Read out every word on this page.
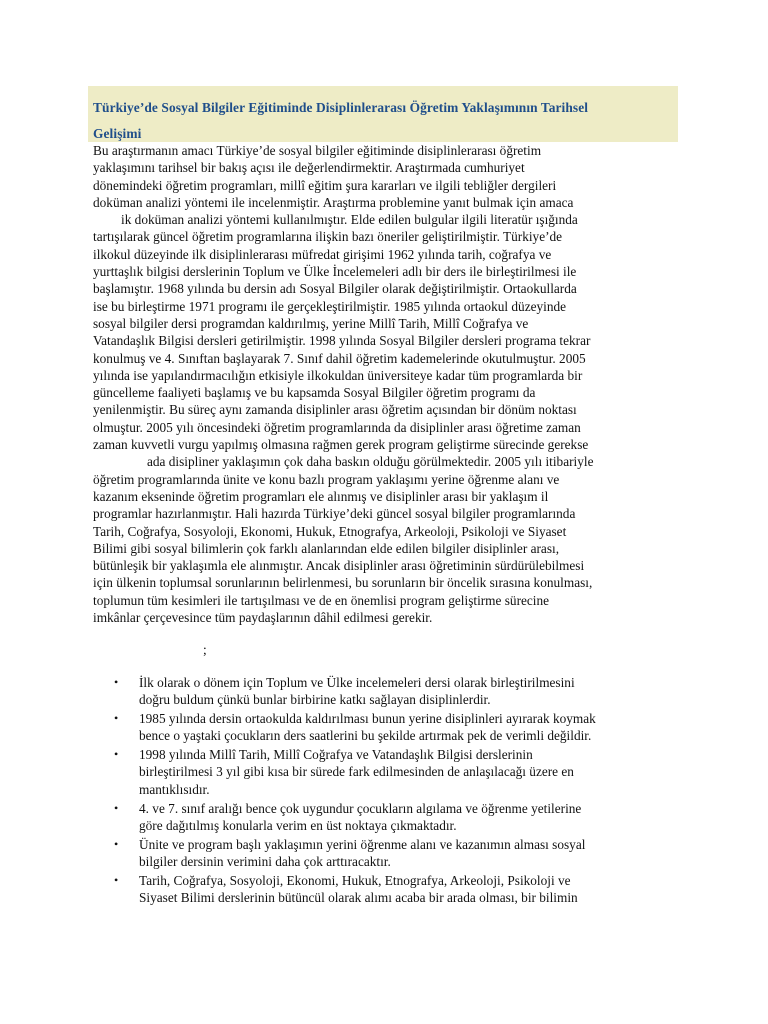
Türkiye’de Sosyal Bilgiler Eğitiminde Disiplinlerarası Öğretim Yaklaşımının Tarihsel
Gelişimi
Bu araştırmanın amacı Türkiye’de sosyal bilgiler eğitiminde disiplinlerarası öğretim
yaklaşımını tarihsel bir bakış açısı ile değerlendirmektir. Araştırmada cumhuriyet
dönemindeki öğretim programları, millî eğitim şura kararları ve ilgili tebliğler dergileri
doküman analizi yöntemi ile incelenmiştir. Araştırma problemine yanıt bulmak için amaca
ik doküman analizi yöntemi kullanılmıştır. Elde edilen bulgular ilgili literatür ışığında
tartışılarak güncel öğretim programlarına ilişkin bazı öneriler geliştirilmiştir. Türkiye’de
ilkokul düzeyinde ilk disiplinlerarası müfredat girişimi 1962 yılında tarih, coğrafya ve
yurttaşlık bilgisi derslerinin Toplum ve Ülke İncelemeleri adlı bir ders ile birleştirilmesi ile
başlamıştır. 1968 yılında bu dersin adı Sosyal Bilgiler olarak değiştirilmiştir. Ortaokullarda
ise bu birleştirme 1971 programı ile gerçekleştirilmiştir. 1985 yılında ortaokul düzeyinde
sosyal bilgiler dersi programdan kaldırılmış, yerine Millî Tarih, Millî Coğrafya ve
Vatandaşlık Bilgisi dersleri getirilmiştir. 1998 yılında Sosyal Bilgiler dersleri programa tekrar
konulmuş ve 4. Sınıftan başlayarak 7. Sınıf dahil öğretim kademelerinde okutulmuştur. 2005
yılında ise yapılandırmacılığın etkisiyle ilkokuldan üniversiteye kadar tüm programlarda bir
güncelleme faaliyeti başlamış ve bu kapsamda Sosyal Bilgiler öğretim programı da
yenilenmiştir. Bu süreç aynı zamanda disiplinler arası öğretim açısından bir dönüm noktası
olmuştur. 2005 yılı öncesindeki öğretim programlarında da disiplinler arası öğretime zaman
zaman kuvvetli vurgu yapılmış olmasına rağmen gerek program geliştirme sürecinde gerekse
ada disipliner yaklaşımın çok daha baskın olduğu görülmektedir. 2005 yılı itibariyle
öğretim programlarında ünite ve konu bazlı program yaklaşımı yerine öğrenme alanı ve
kazanım ekseninde öğretim programları ele alınmış ve disiplinler arası bir yaklaşım il
programlar hazırlanmıştır. Hali hazırda Türkiye’deki güncel sosyal bilgiler programlarında
Tarih, Coğrafya, Sosyoloji, Ekonomi, Hukuk, Etnografya, Arkeoloji, Psikoloji ve Siyaset
Bilimi gibi sosyal bilimlerin çok farklı alanlarından elde edilen bilgiler disiplinler arası,
bütünleşik bir yaklaşımla ele alınmıştır. Ancak disiplinler arası öğretiminin sürdürülebilmesi
için ülkenin toplumsal sorunlarının belirlenmesi, bu sorunların bir öncelik sırasına konulması,
toplumun tüm kesimleri ile tartışılması ve de en önemlisi program geliştirme sürecine
imkânlar çerçevesince tüm paydaşlarının dâhil edilmesi gerekir.
;
• İlk olarak o dönem için Toplum ve Ülke incelemeleri dersi olarak birleştirilmesini
doğru buldum çünkü bunlar birbirine katkı sağlayan disiplinlerdir.
• 1985 yılında dersin ortaokulda kaldırılması bunun yerine disiplinleri ayırarak koymak
bence o yaştaki çocukların ders saatlerini bu şekilde artırmak pek de verimli değildir.
• 1998 yılında Millî Tarih, Millî Coğrafya ve Vatandaşlık Bilgisi derslerinin
birleştirilmesi 3 yıl gibi kısa bir sürede fark edilmesinden de anlaşılacağı üzere en
mantıklısıdır.
• 4. ve 7. sınıf aralığı bence çok uygundur çocukların algılama ve öğrenme yetilerine
göre dağıtılmış konularla verim en üst noktaya çıkmaktadır.
• Ünite ve program başlı yaklaşımın yerini öğrenme alanı ve kazanımın alması sosyal
bilgiler dersinin verimini daha çok arttıracaktır.
• Tarih, Coğrafya, Sosyoloji, Ekonomi, Hukuk, Etnografya, Arkeoloji, Psikoloji ve
Siyaset Bilimi derslerinin bütüncül olarak alımı acaba bir arada olması, bir bilimin
